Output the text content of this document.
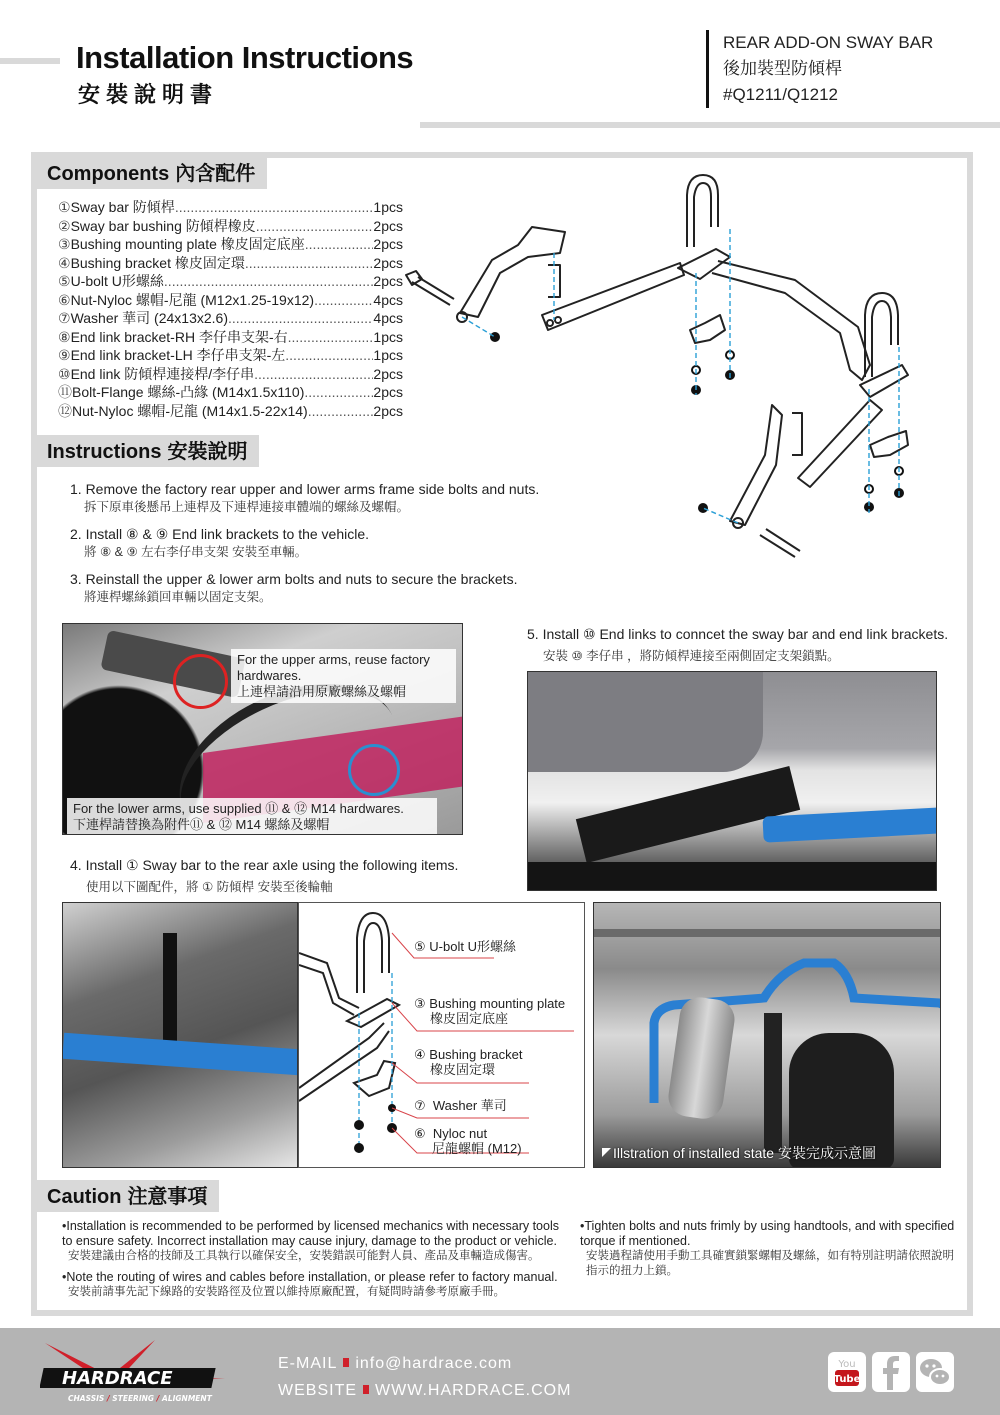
Installation Instructions
安裝說明書
REAR ADD-ON SWAY BAR
後加裝型防傾桿
#Q1211/Q1212
Components 內含配件
① Sway bar 防傾桿 .....	1pcs
② Sway bar bushing 防傾桿橡皮 .....	2pcs
③ Bushing mounting plate 橡皮固定底座 .....	2pcs
④ Bushing bracket 橡皮固定環 .....	2pcs
⑤ U-bolt U形螺絲 .....	2pcs
⑥ Nut-Nyloc 螺帽-尼龍 (M12x1.25-19x12) .....	4pcs
⑦ Washer 華司 (24x13x2.6) .....	4pcs
⑧ End link bracket-RH 李仔串支架-右 .....	1pcs
⑨ End link bracket-LH 李仔串支架-左 .....	1pcs
⑩ End link 防傾桿連接桿/李仔串 .....	2pcs
⑪ Bolt-Flange 螺絲-凸緣 (M14x1.5x110) .....	2pcs
⑫ Nut-Nyloc 螺帽-尼龍 (M14x1.5-22x14) .....	2pcs
Instructions 安裝說明
1. Remove the factory rear upper and lower arms frame side bolts and nuts.
拆下原車後懸吊上連桿及下連桿連接車體端的螺絲及螺帽。
2. Install ⑧ & ⑨ End link brackets to the vehicle.
將 ⑧ & ⑨ 左右李仔串支架 安裝至車輛。
3. Reinstall the upper & lower arm bolts and nuts to secure the brackets.
將連桿螺絲鎖回車輛以固定支架。
For the upper arms, reuse factory hardwares.
上連桿請沿用原廠螺絲及螺帽
For the lower arms, use supplied ⑪ & ⑫ M14 hardwares.
下連桿請替換為附件⑪ & ⑫ M14 螺絲及螺帽
5. Install ⑩ End links to conncet the sway bar and end link brackets.
安裝 ⑩ 李仔串 ，將防傾桿連接至兩側固定支架鎖點。
4. Install ① Sway bar to the rear axle using the following items.
使用以下圖配件，將 ① 防傾桿 安裝至後輪軸
⑤ U-bolt U形螺絲
③ Bushing mounting plate
橡皮固定底座
④ Bushing bracket
橡皮固定環
⑦ Washer 華司
⑥ Nyloc nut
尼龍螺帽 (M12)	Illstration of installed state 安裝完成示意圖
Caution 注意事項
•Installation is recommended to be performed by licensed mechanics with necessary tools to ensure safety. Incorrect installation may cause injury, damage to the product or vehicle.
安裝建議由合格的技師及工具執行以確保安全，安裝錯誤可能對人員、產品及車輛造成傷害。
•Note the routing of wires and cables before installation, or please refer to factory manual.
安裝前請事先記下線路的安裝路徑及位置以維持原廠配置，有疑問時請參考原廠手冊。
•Tighten bolts and nuts frimly by using handtools, and with specified torque if mentioned.
安裝過程請使用手動工具確實鎖緊螺帽及螺絲，如有特別註明請依照說明指示的扭力上鎖。
HARDRACE
CHASSIS / STEERING / ALIGNMENT
E-MAIL info@hardrace.com
WEBSITE WWW.HARDRACE.COM
You
Tube
